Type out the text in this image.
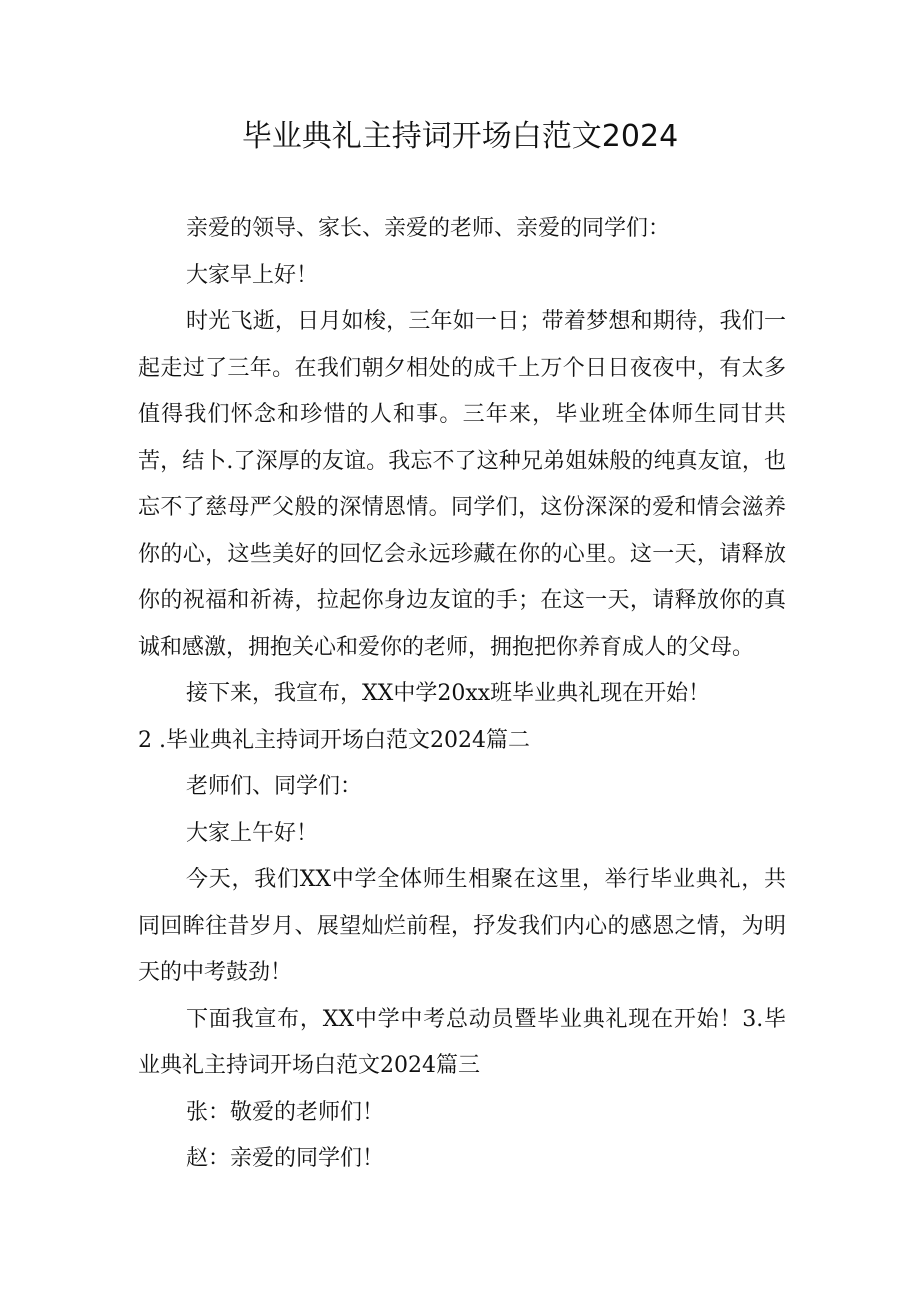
毕业典礼主持词开场白范文2024

亲爱的领导、家长、亲爱的老师、亲爱的同学们：

大家早上好！

时光飞逝，日月如梭，三年如一日；带着梦想和期待，我们一起走过了三年。在我们朝夕相处的成千上万个日日夜夜中，有太多值得我们怀念和珍惜的人和事。三年来，毕业班全体师生同甘共苦，结卜.了深厚的友谊。我忘不了这种兄弟姐妹般的纯真友谊，也忘不了慈母严父般的深情恩情。同学们，这份深深的爱和情会滋养你的心，这些美好的回忆会永远珍藏在你的心里。这一天，请释放你的祝福和祈祷，拉起你身边友谊的手；在这一天，请释放你的真诚和感激，拥抱关心和爱你的老师，拥抱把你养育成人的父母。

接下来，我宣布，XX中学20xx班毕业典礼现在开始！

2 .毕业典礼主持词开场白范文2024篇二

老师们、同学们：

大家上午好！

今天，我们XX中学全体师生相聚在这里，举行毕业典礼，共同回眸往昔岁月、展望灿烂前程，抒发我们内心的感恩之情，为明天的中考鼓劲！

下面我宣布，XX中学中考总动员暨毕业典礼现在开始！3.毕业典礼主持词开场白范文2024篇三

张：敬爱的老师们！

赵：亲爱的同学们！
